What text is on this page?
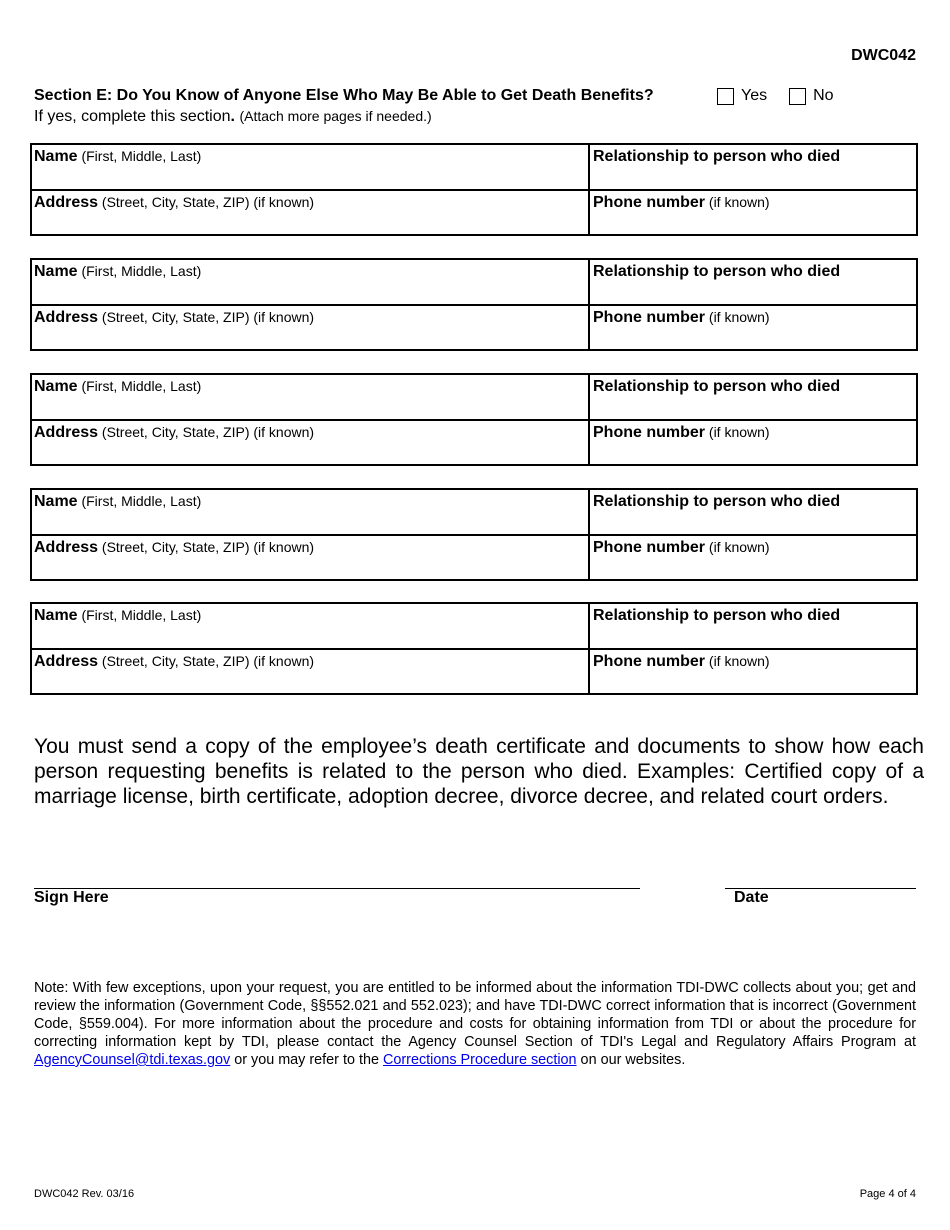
DWC042
Section E: Do You Know of Anyone Else Who May Be Able to Get Death Benefits?	Yes	No
If yes, complete this section. (Attach more pages if needed.)
Name (First, Middle, Last)	Relationship to person who died
Address (Street, City, State, ZIP) (if known)	Phone number (if known)
Name (First, Middle, Last)	Relationship to person who died
Address (Street, City, State, ZIP) (if known)	Phone number (if known)
Name (First, Middle, Last)	Relationship to person who died
Address (Street, City, State, ZIP) (if known)	Phone number (if known)
Name (First, Middle, Last)	Relationship to person who died
Address (Street, City, State, ZIP) (if known)	Phone number (if known)
Name (First, Middle, Last)	Relationship to person who died
Address (Street, City, State, ZIP) (if known)	Phone number (if known)
You must send a copy of the employee’s death certificate and documents to show how each person requesting benefits is related to the person who died. Examples: Certified copy of a marriage license, birth certificate, adoption decree, divorce decree, and related court orders.
Sign Here	Date
Note: With few exceptions, upon your request, you are entitled to be informed about the information TDI-DWC collects about you; get and review the information (Government Code, §§552.021 and 552.023); and have TDI-DWC correct information that is incorrect (Government Code, §559.004). For more information about the procedure and costs for obtaining information from TDI or about the procedure for correcting information kept by TDI, please contact the Agency Counsel Section of TDI's Legal and Regulatory Affairs Program at AgencyCounsel@tdi.texas.gov or you may refer to the Corrections Procedure section on our websites.
DWC042 Rev. 03/16	Page 4 of 4
